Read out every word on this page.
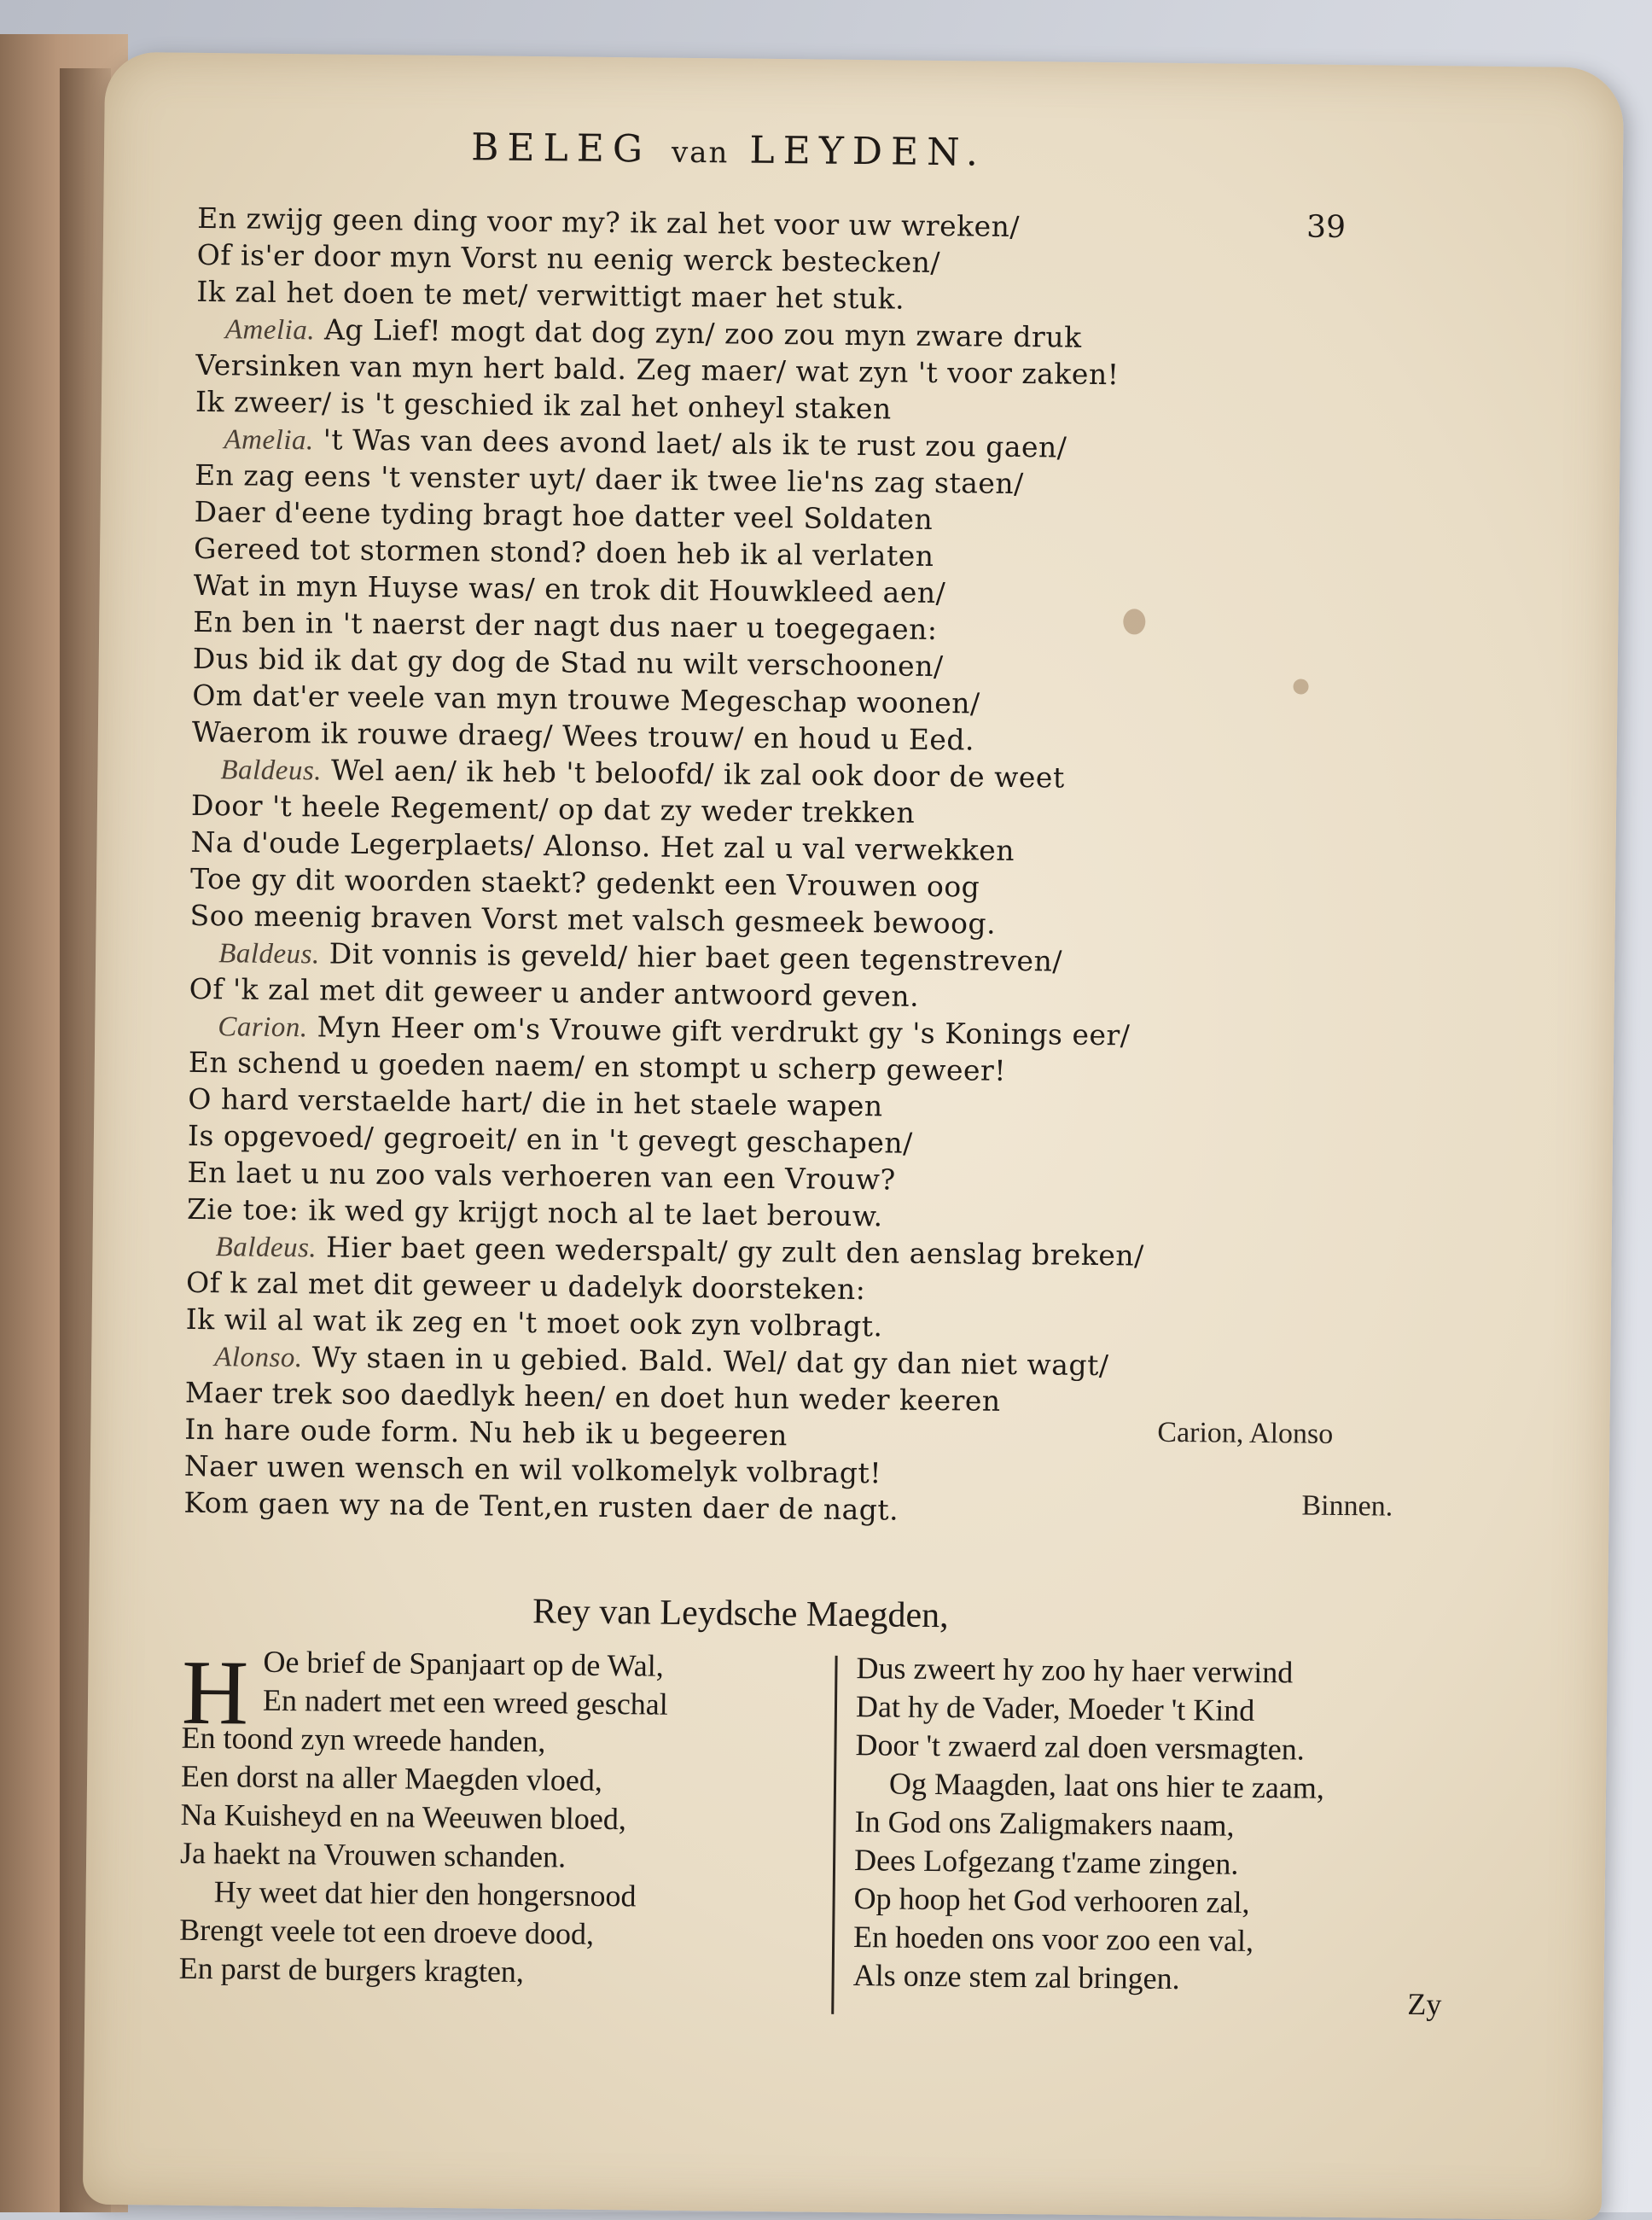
BELEG van LEYDEN.
39
En zwijg geen ding voor my? ik zal het voor uw wreken/
Of is'er door myn Vorst nu eenig werck bestecken/
Ik zal het doen te met/ verwittigt maer het stuk.
Amelia. Ag Lief! mogt dat dog zyn/ zoo zou myn zware druk
Versinken van myn hert bald. Zeg maer/ wat zyn 't voor zaken!
Ik zweer/ is 't geschied ik zal het onheyl staken
Amelia. 't Was van dees avond laet/ als ik te rust zou gaen/
En zag eens 't venster uyt/ daer ik twee lie'ns zag staen/
Daer d'eene tyding bragt hoe datter veel Soldaten
Gereed tot stormen stond? doen heb ik al verlaten
Wat in myn Huyse was/ en trok dit Houwkleed aen/
En ben in 't naerst der nagt dus naer u toegegaen:
Dus bid ik dat gy dog de Stad nu wilt verschoonen/
Om dat'er veele van myn trouwe Megeschap woonen/
Waerom ik rouwe draeg/ Wees trouw/ en houd u Eed.
Baldeus. Wel aen/ ik heb 't beloofd/ ik zal ook door de weet
Door 't heele Regement/ op dat zy weder trekken
Na d'oude Legerplaets/ Alonso. Het zal u val verwekken
Toe gy dit woorden staekt? gedenkt een Vrouwen oog
Soo meenig braven Vorst met valsch gesmeek bewoog.
Baldeus. Dit vonnis is geveld/ hier baet geen tegenstreven/
Of 'k zal met dit geweer u ander antwoord geven.
Carion. Myn Heer om's Vrouwe gift verdrukt gy 's Konings eer/
En schend u goeden naem/ en stompt u scherp geweer!
O hard verstaelde hart/ die in het staele wapen
Is opgevoed/ gegroeit/ en in 't gevegt geschapen/
En laet u nu zoo vals verhoeren van een Vrouw?
Zie toe: ik wed gy krijgt noch al te laet berouw.
Baldeus. Hier baet geen wederspalt/ gy zult den aenslag breken/
Of k zal met dit geweer u dadelyk doorsteken:
Ik wil al wat ik zeg en 't moet ook zyn volbragt.
Alonso. Wy staen in u gebied. Bald. Wel/ dat gy dan niet wagt/
Maer trek soo daedlyk heen/ en doet hun weder keeren
In hare oude form. Nu heb ik u begeeren
Naer uwen wensch en wil volkomelyk volbragt!
Kom gaen wy na de Tent,en rusten daer de nagt.
Carion, Alonso
Binnen.
Rey van Leydsche Maegden,
H Oe brief de Spanjaart op de Wal,
En nadert met een wreed geschal
En toond zyn wreede handen,
Een dorst na aller Maegden vloed,
Na Kuisheyd en na Weeuwen bloed,
Ja haekt na Vrouwen schanden.
Hy weet dat hier den hongersnood
Brengt veele tot een droeve dood,
En parst de burgers kragten,
Dus zweert hy zoo hy haer verwind
Dat hy de Vader, Moeder 't Kind
Door 't zwaerd zal doen versmagten.
Og Maagden, laat ons hier te zaam,
In God ons Zaligmakers naam,
Dees Lofgezang t'zame zingen.
Op hoop het God verhooren zal,
En hoeden ons voor zoo een val,
Als onze stem zal bringen.
Zy
